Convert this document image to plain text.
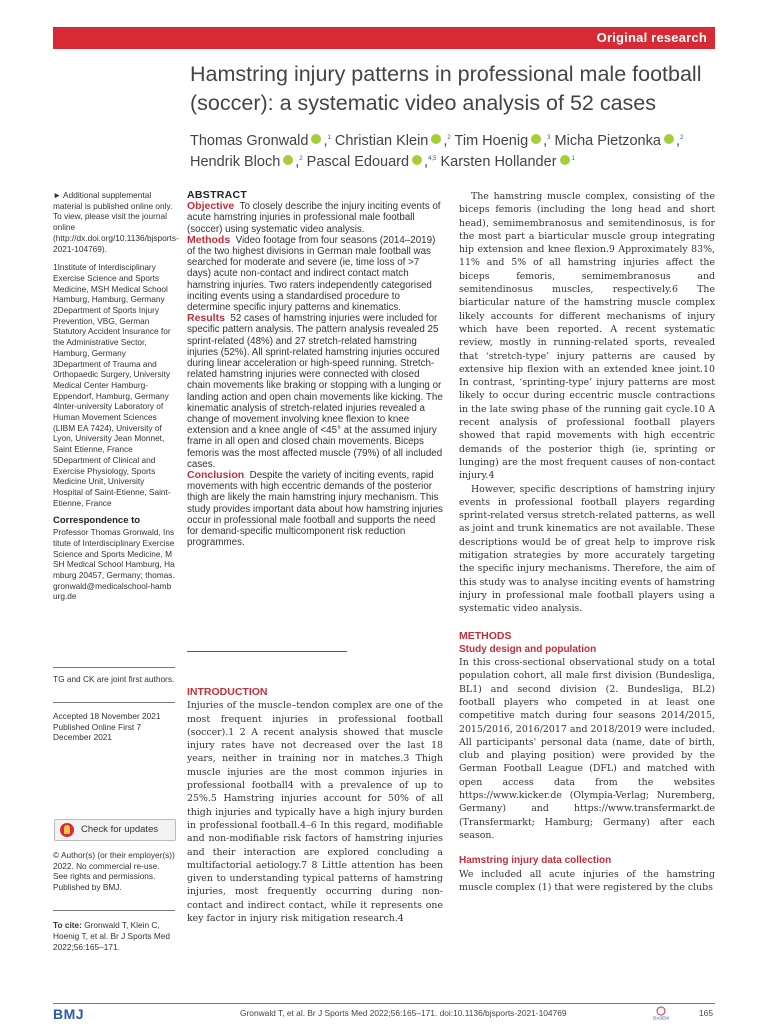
Original research
Hamstring injury patterns in professional male football (soccer): a systematic video analysis of 52 cases
Thomas Gronwald ,$^1$ Christian Klein ,$^2$ Tim Hoenig ,$^3$ Micha Pietzonka ,$^2$
Hendrik Bloch ,$^2$ Pascal Edouard ,$^{4,5}$ Karsten Hollander	$^1$

► Additional supplemental material is published online only. To view, please visit the journal online (http://dx.doi.org/10.1136/bjsports-2021-104769).

1Institute of Interdisciplinary Exercise Science and Sports Medicine, MSH Medical School Hamburg, Hamburg, Germany

2Department of Sports Injury Prevention, VBG, German Statutory Accident Insurance for the Administrative Sector, Hamburg, Germany

3Department of Trauma and Orthopaedic Surgery, University Medical Center Hamburg-Eppendorf, Hamburg, Germany

4Inter-university Laboratory of Human Movement Sciences (LIBM EA 7424), University of Lyon, University Jean Monnet, Saint Etienne, France

5Department of Clinical and Exercise Physiology, Sports Medicine Unit, University Hospital of Saint-Etienne, Saint-Etienne, France

Correspondence to

Professor Thomas Gronwald, Institute of Interdisciplinary Exercise Science and Sports Medicine, MSH Medical School Hamburg, Hamburg 20457, Germany; thomas.gronwald@medicalschool-hamburg.de

TG and CK are joint first authors.

Accepted 18 November 2021

Published Online First 7 December 2021

Check for updates

© Author(s) (or their employer(s)) 2022. No commercial re-use. See rights and permissions. Published by BMJ.

To cite: Gronwald T, Klein C, Hoenig T, et al. Br J Sports Med 2022;56:165–171.

ABSTRACT
Objective To closely describe the injury inciting events of acute hamstring injuries in professional male football (soccer) using systematic video analysis.
Methods Video footage from four seasons (2014–2019) of the two highest divisions in German male football was searched for moderate and severe (ie, time loss of >7 days) acute non-contact and indirect contact match hamstring injuries. Two raters independently categorised inciting events using a standardised procedure to determine specific injury patterns and kinematics.
Results 52 cases of hamstring injuries were included for specific pattern analysis. The pattern analysis revealed 25 sprint-related (48%) and 27 stretch-related hamstring injuries (52%). All sprint-related hamstring injuries occured during linear acceleration or high-speed running. Stretch-related hamstring injuries were connected with closed chain movements like braking or stopping with a lunging or landing action and open chain movements like kicking. The kinematic analysis of stretch-related injuries revealed a change of movement involving knee flexion to knee extension and a knee angle of <45° at the assumed injury frame in all open and closed chain movements. Biceps femoris was the most affected muscle (79%) of all included cases.
Conclusion Despite the variety of inciting events, rapid movements with high eccentric demands of the posterior thigh are likely the main hamstring injury mechanism. This study provides important data about how hamstring injuries occur in professional male football and supports the need for demand-specific multicomponent risk reduction programmes.
INTRODUCTION

Injuries of the muscle–tendon complex are one of the most frequent injuries in professional football (soccer).1 2 A recent analysis showed that muscle injury rates have not decreased over the last 18 years, neither in training nor in matches.3 Thigh muscle injuries are the most common injuries in professional football4 with a prevalence of up to 25%.5 Hamstring injuries account for 50% of all thigh injuries and typically have a high injury burden in professional football.4–6 In this regard, modifiable and non-modifiable risk factors of hamstring injuries and their interaction are explored concluding a multifactorial aetiology.7 8 Little attention has been given to understanding typical patterns of hamstring injuries, most frequently occurring during non-contact and indirect contact, while it represents one key factor in injury risk mitigation research.4

The hamstring muscle complex, consisting of the biceps femoris (including the long head and short head), semimembranosus and semitendinosus, is for the most part a biarticular muscle group integrating hip extension and knee flexion.9 Approximately 83%, 11% and 5% of all hamstring injuries affect the biceps femoris, semimembranosus and semitendinosus muscles, respectively.6 The biarticular nature of the hamstring muscle complex likely accounts for different mechanisms of injury which have been reported. A recent systematic review, mostly in running-related sports, revealed that ‘stretch-type’ injury patterns are caused by extensive hip flexion with an extended knee joint.10 In contrast, ‘sprinting-type’ injury patterns are most likely to occur during eccentric muscle contractions in the late swing phase of the running gait cycle.10 A recent analysis of professional football players showed that rapid movements with high eccentric demands of the posterior thigh (ie, sprinting or lunging) are the most frequent causes of non-contact injury.4

However, specific descriptions of hamstring injury events in professional football players regarding sprint-related versus stretch-related patterns, as well as joint and trunk kinematics are not available. These descriptions would be of great help to improve risk mitigation strategies by more accurately targeting the specific injury mechanisms. Therefore, the aim of this study was to analyse inciting events of hamstring injury in professional male football players using a systematic video analysis.

METHODS
Study design and population

In this cross-sectional observational study on a total population cohort, all male first division (Bundesliga, BL1) and second division (2. Bundesliga, BL2) football players who competed in at least one competitive match during four seasons 2014/2015, 2015/2016, 2016/2017 and 2018/2019 were included. All participants' personal data (name, date of birth, club and playing position) were provided by the German Football League (DFL) and matched with open access data from the websites https://www.kicker.de (Olympia-Verlag; Nuremberg, Germany) and https://www.transfermarkt.de (Transfermarkt; Hamburg; Germany) after each season.

Hamstring injury data collection

We included all acute injuries of the hamstring muscle complex (1) that were registered by the clubs

BMJ	Gronwald T, et al. Br J Sports Med 2022;56:165–171. doi:10.1136/bjsports-2021-104769	BASEM	165
